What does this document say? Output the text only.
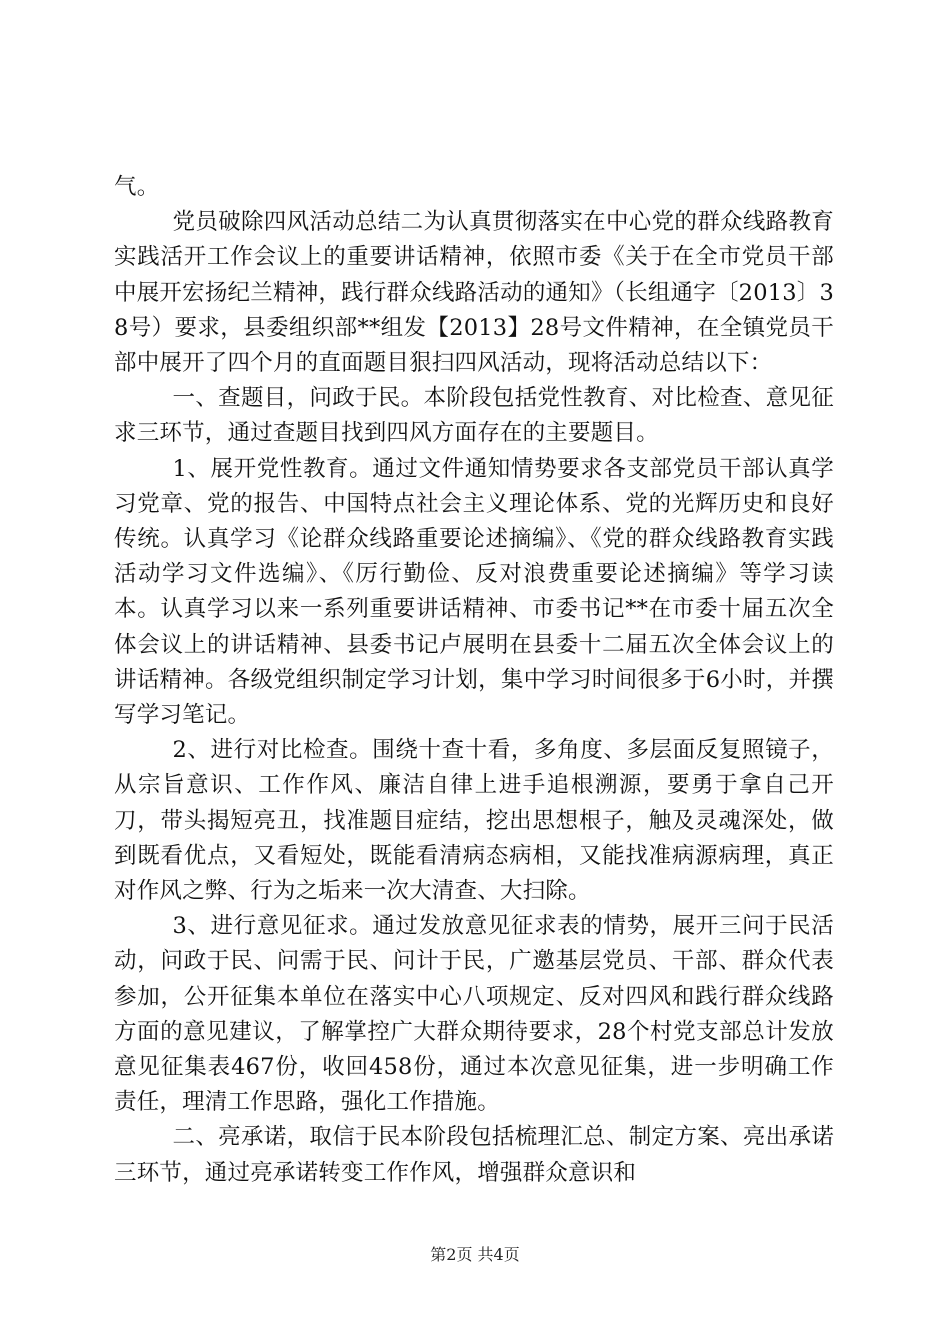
气。

党员破除四风活动总结二为认真贯彻落实在中心党的群众线路教育实践活开工作会议上的重要讲话精神，依照市委《关于在全市党员干部中展开宏扬纪兰精神，践行群众线路活动的通知》（长组通字〔2013〕38号）要求，县委组织部**组发【2013】28号文件精神，在全镇党员干部中展开了四个月的直面题目狠扫四风活动，现将活动总结以下：

一、查题目，问政于民。本阶段包括党性教育、对比检查、意见征求三环节，通过查题目找到四风方面存在的主要题目。

1、展开党性教育。通过文件通知情势要求各支部党员干部认真学习党章、党的报告、中国特点社会主义理论体系、党的光辉历史和良好传统。认真学习《论群众线路重要论述摘编》、《党的群众线路教育实践活动学习文件选编》、《厉行勤俭、反对浪费重要论述摘编》等学习读本。认真学习以来一系列重要讲话精神、市委书记**在市委十届五次全体会议上的讲话精神、县委书记卢展明在县委十二届五次全体会议上的讲话精神。各级党组织制定学习计划，集中学习时间很多于6小时，并撰写学习笔记。

2、进行对比检查。围绕十查十看，多角度、多层面反复照镜子，从宗旨意识、工作作风、廉洁自律上进手追根溯源，要勇于拿自己开刀，带头揭短亮丑，找准题目症结，挖出思想根子，触及灵魂深处，做到既看优点，又看短处，既能看清病态病相，又能找准病源病理，真正对作风之弊、行为之垢来一次大清查、大扫除。

3、进行意见征求。通过发放意见征求表的情势，展开三问于民活动，问政于民、问需于民、问计于民，广邀基层党员、干部、群众代表参加，公开征集本单位在落实中心八项规定、反对四风和践行群众线路方面的意见建议，了解掌控广大群众期待要求，28个村党支部总计发放意见征集表467份，收回458份，通过本次意见征集，进一步明确工作责任，理清工作思路，强化工作措施。

二、亮承诺，取信于民本阶段包括梳理汇总、制定方案、亮出承诺三环节，通过亮承诺转变工作作风，增强群众意识和

第2页 共4页
